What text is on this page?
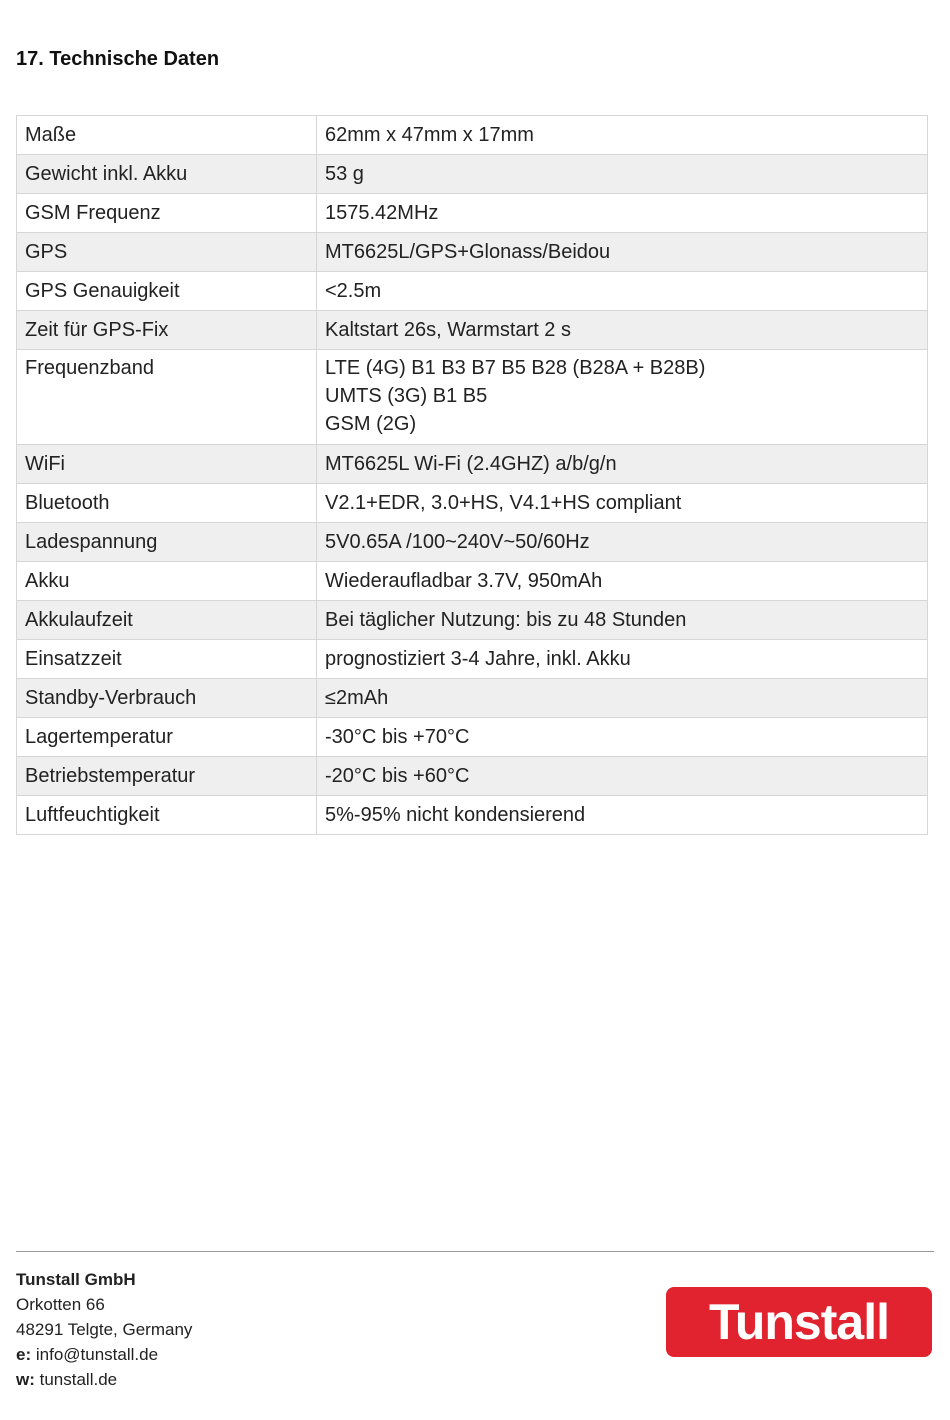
17. Technische Daten
Maße	62mm x 47mm x 17mm

Gewicht inkl. Akku	53 g

GSM Frequenz	1575.42MHz

GPS	MT6625L/GPS+Glonass/Beidou

GPS Genauigkeit	<2.5m

Zeit für GPS-Fix	Kaltstart 26s, Warmstart 2 s

Frequenzband	LTE (4G) B1 B3 B7 B5 B28 (B28A + B28B)
UMTS (3G) B1 B5
GSM (2G)

WiFi	MT6625L Wi-Fi (2.4GHZ) a/b/g/n

Bluetooth	V2.1+EDR, 3.0+HS, V4.1+HS compliant

Ladespannung	5V0.65A /100~240V~50/60Hz

Akku	Wiederaufladbar 3.7V, 950mAh

Akkulaufzeit	Bei täglicher Nutzung: bis zu 48 Stunden

Einsatzzeit	prognostiziert 3-4 Jahre, inkl. Akku

Standby-Verbrauch	≤2mAh

Lagertemperatur	-30°C bis +70°C

Betriebstemperatur	-20°C bis +60°C

Luftfeuchtigkeit	5%-95% nicht kondensierend
Tunstall GmbH
Orkotten 66
48291 Telgte, Germany
e: info@tunstall.de
w: tunstall.de
Tunstall
